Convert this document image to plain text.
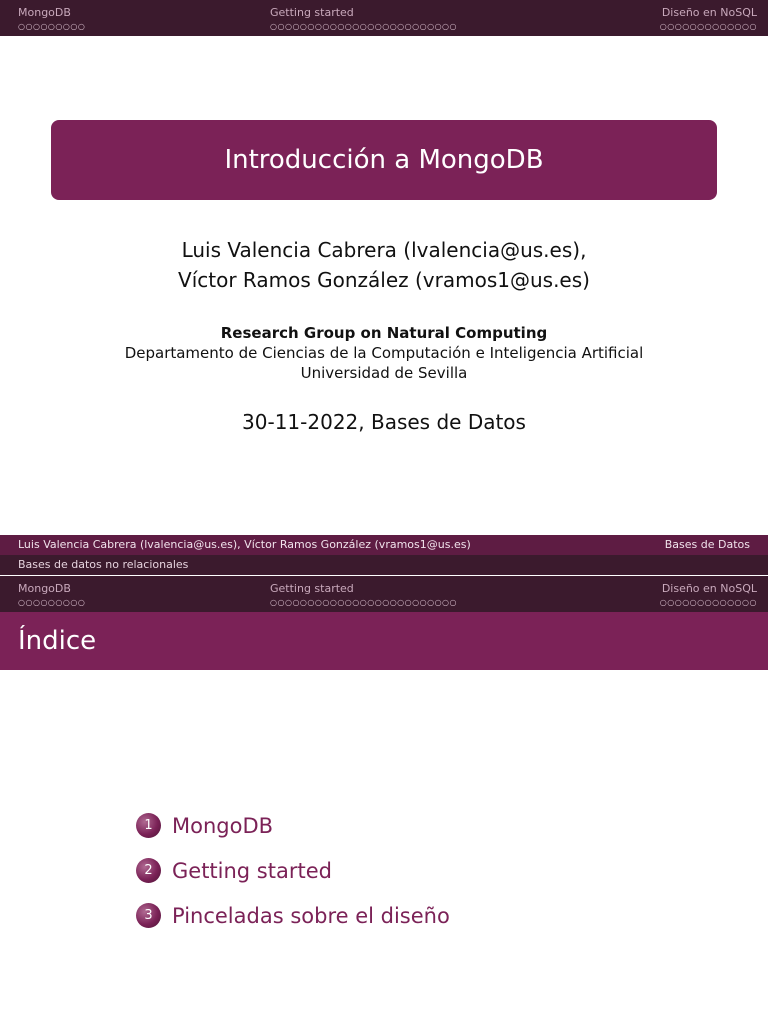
MongoDB
○○○○○○○○○
Getting started
○○○○○○○○○○○○○○○○○○○○○○○○○
Diseño en NoSQL
○○○○○○○○○○○○○
Introducción a MongoDB
Luis Valencia Cabrera (lvalencia@us.es),
Víctor Ramos González (vramos1@us.es)
Research Group on Natural Computing
Departamento de Ciencias de la Computación e Inteligencia Artificial
Universidad de Sevilla
30-11-2022, Bases de Datos
Luis Valencia Cabrera (lvalencia@us.es), Víctor Ramos González (vramos1@us.es)	Bases de Datos
Bases de datos no relacionales
MongoDB
○○○○○○○○○
Getting started
○○○○○○○○○○○○○○○○○○○○○○○○○
Diseño en NoSQL
○○○○○○○○○○○○○
Índice
1 MongoDB
2 Getting started
3 Pinceladas sobre el diseño
